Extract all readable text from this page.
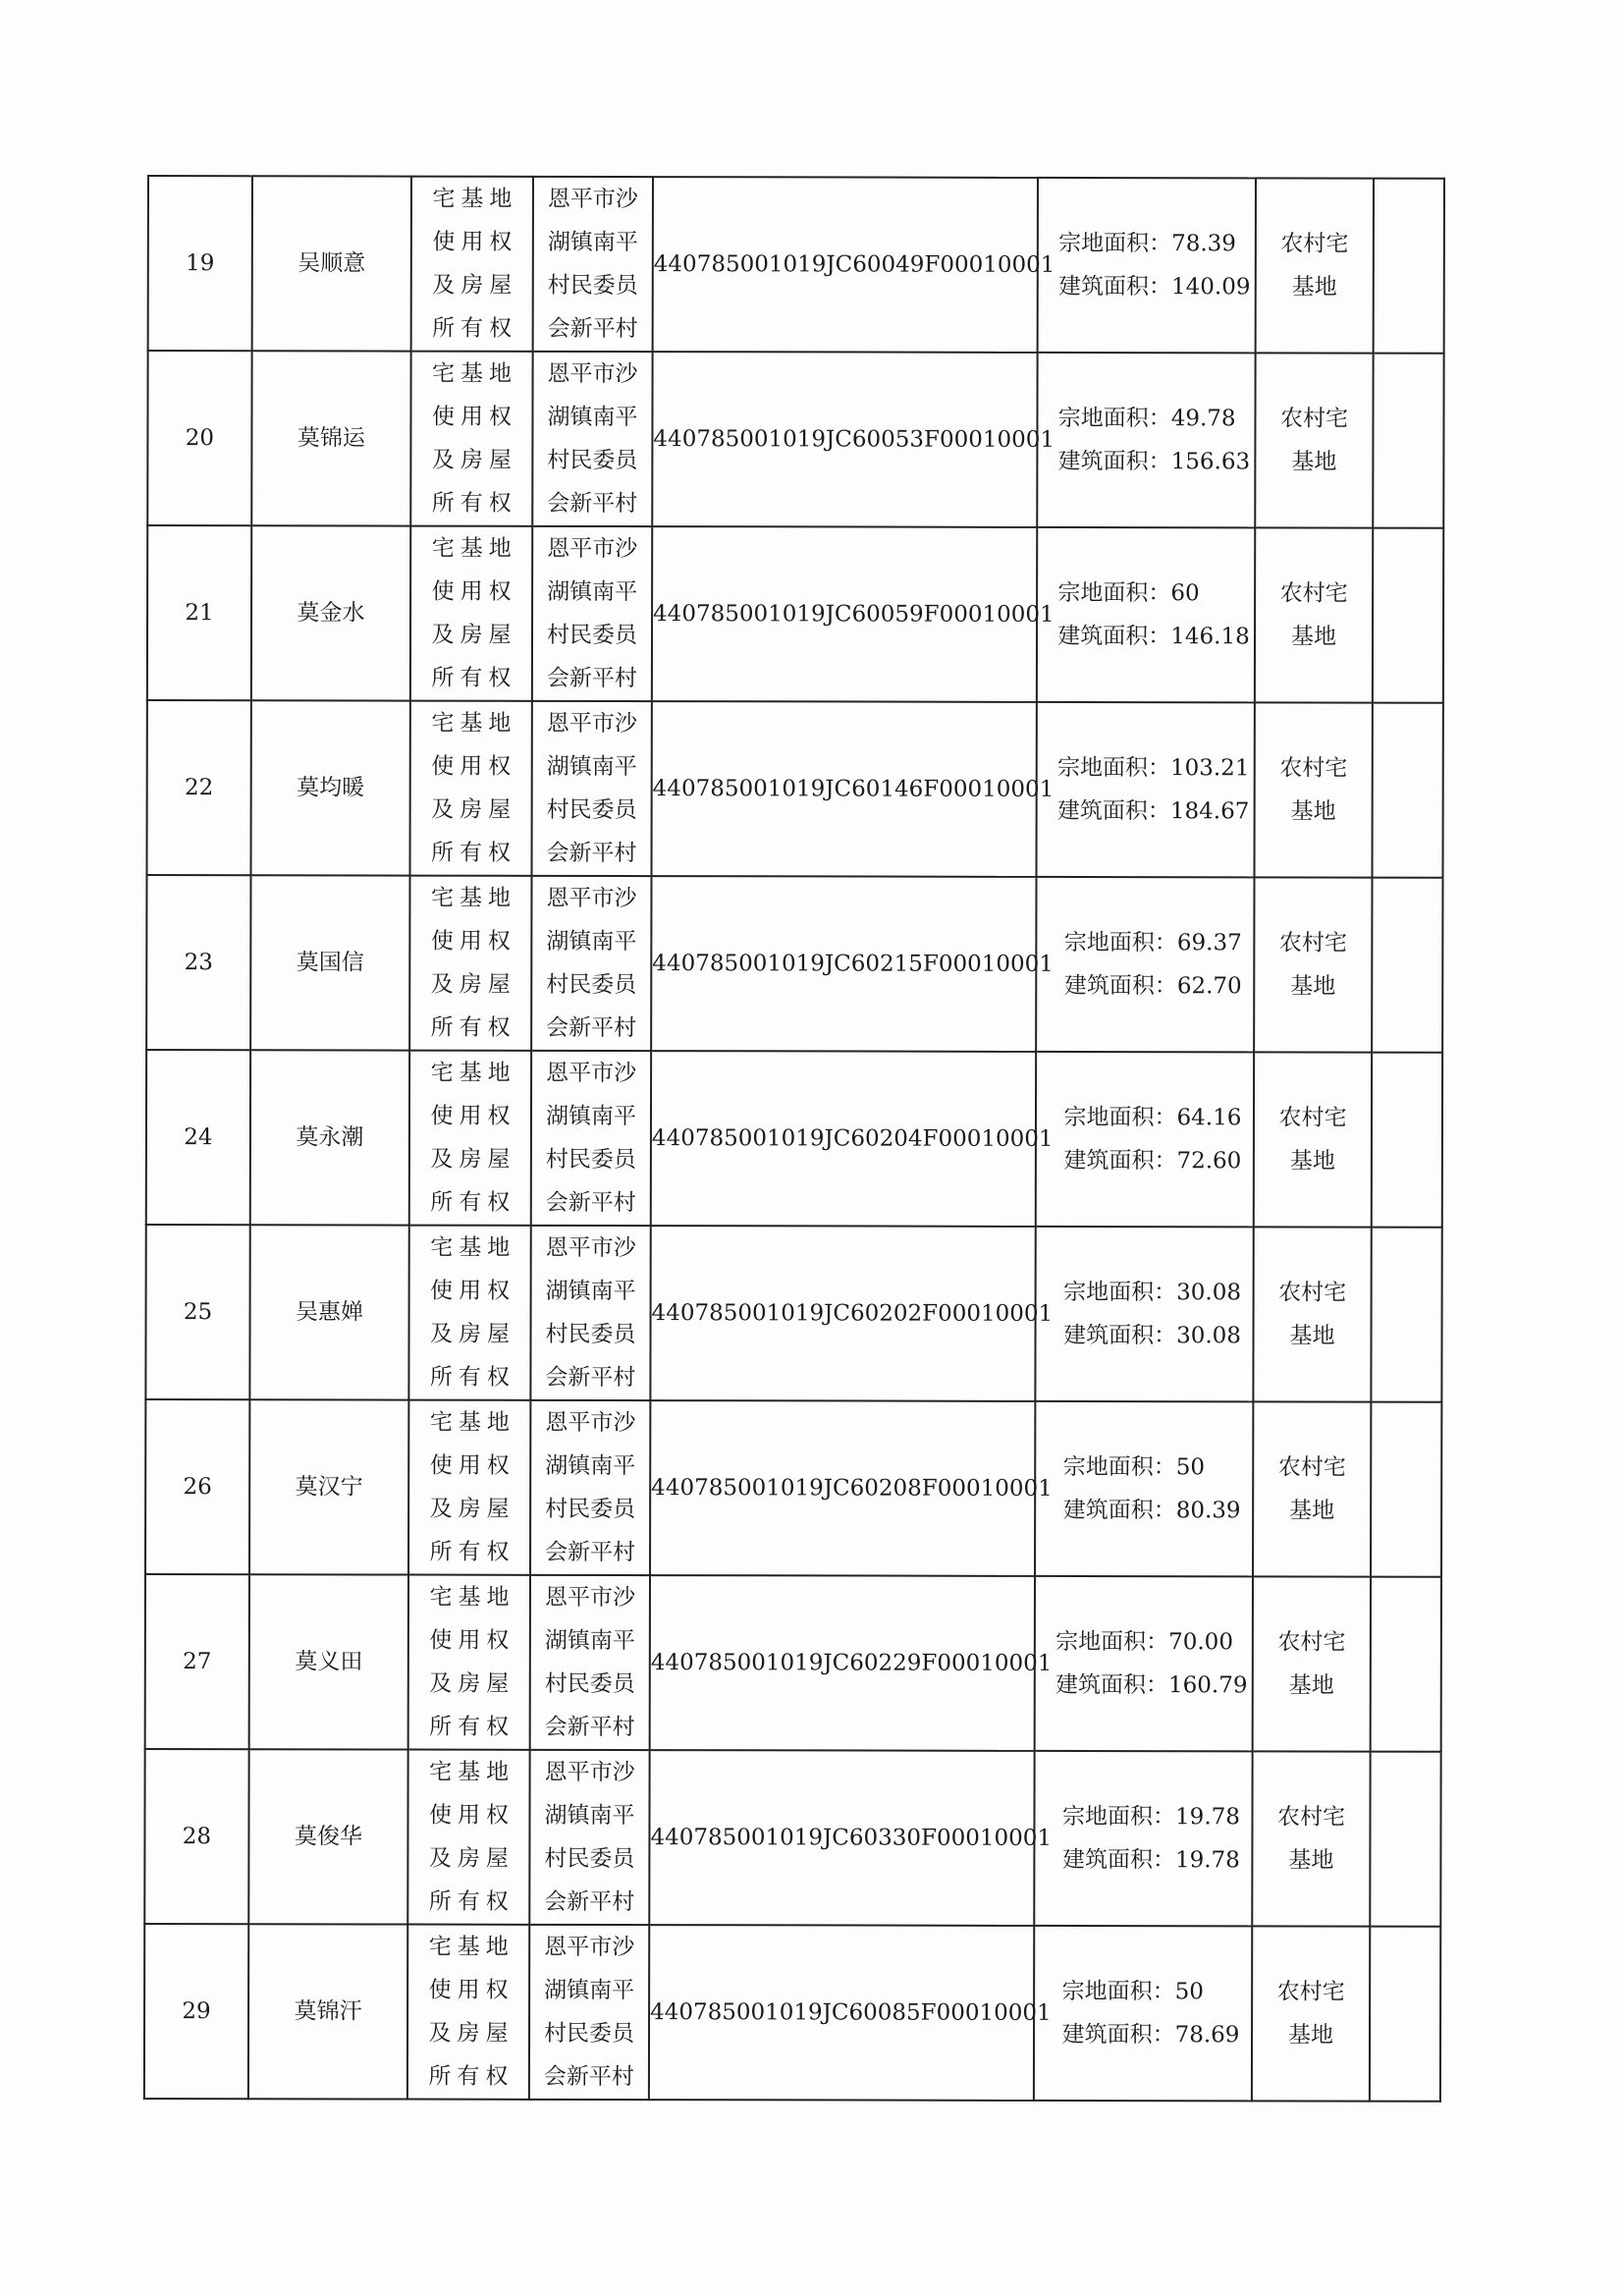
19	吴顺意	宅基地
使用权
及房屋
所有权	恩平市沙
湖镇南平
村民委员
会新平村	440785001019JC60049F00010001	宗地面积：78.39
建筑面积：140.09	农村宅
基地	

20	莫锦运	宅基地
使用权
及房屋
所有权	恩平市沙
湖镇南平
村民委员
会新平村	440785001019JC60053F00010001	宗地面积：49.78
建筑面积：156.63	农村宅
基地	

21	莫金水	宅基地
使用权
及房屋
所有权	恩平市沙
湖镇南平
村民委员
会新平村	440785001019JC60059F00010001	宗地面积：60
建筑面积：146.18	农村宅
基地	

22	莫均暖	宅基地
使用权
及房屋
所有权	恩平市沙
湖镇南平
村民委员
会新平村	440785001019JC60146F00010001	宗地面积：103.21
建筑面积：184.67	农村宅
基地	

23	莫国信	宅基地
使用权
及房屋
所有权	恩平市沙
湖镇南平
村民委员
会新平村	440785001019JC60215F00010001	宗地面积：69.37
建筑面积：62.70	农村宅
基地	

24	莫永潮	宅基地
使用权
及房屋
所有权	恩平市沙
湖镇南平
村民委员
会新平村	440785001019JC60204F00010001	宗地面积：64.16
建筑面积：72.60	农村宅
基地	

25	吴惠婵	宅基地
使用权
及房屋
所有权	恩平市沙
湖镇南平
村民委员
会新平村	440785001019JC60202F00010001	宗地面积：30.08
建筑面积：30.08	农村宅
基地	

26	莫汉宁	宅基地
使用权
及房屋
所有权	恩平市沙
湖镇南平
村民委员
会新平村	440785001019JC60208F00010001	宗地面积：50
建筑面积：80.39	农村宅
基地	

27	莫义田	宅基地
使用权
及房屋
所有权	恩平市沙
湖镇南平
村民委员
会新平村	440785001019JC60229F00010001	宗地面积：70.00
建筑面积：160.79	农村宅
基地	

28	莫俊华	宅基地
使用权
及房屋
所有权	恩平市沙
湖镇南平
村民委员
会新平村	440785001019JC60330F00010001	宗地面积：19.78
建筑面积：19.78	农村宅
基地	

29	莫锦汗	宅基地
使用权
及房屋
所有权	恩平市沙
湖镇南平
村民委员
会新平村	440785001019JC60085F00010001	宗地面积：50
建筑面积：78.69	农村宅
基地	
